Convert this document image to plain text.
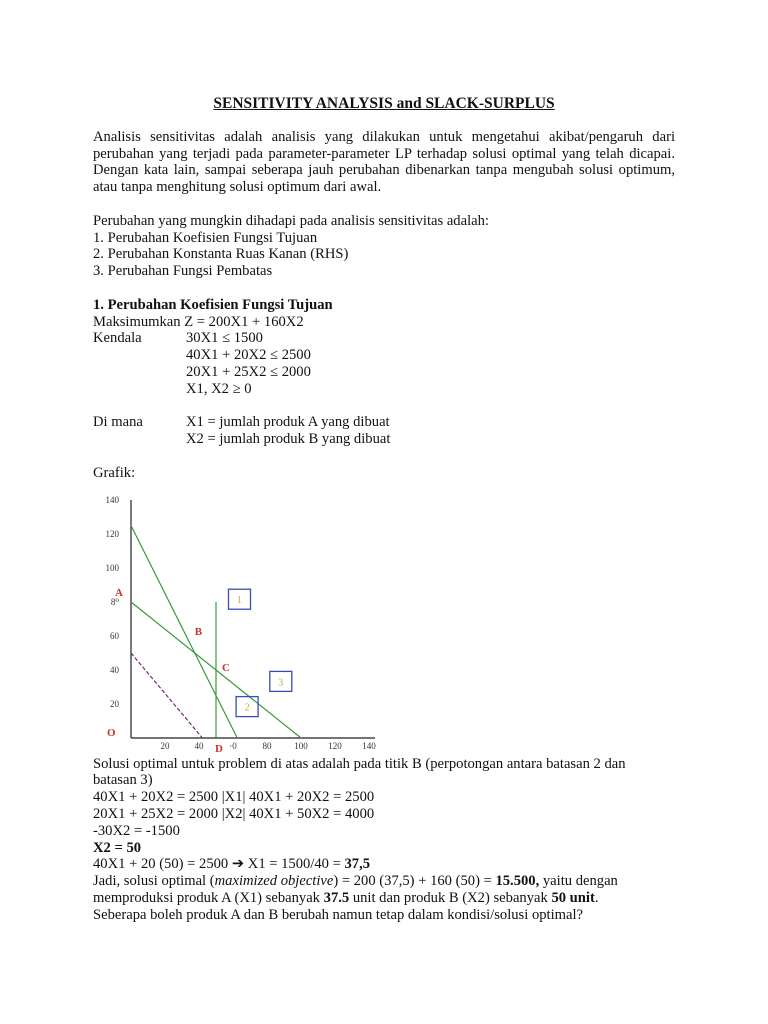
SENSITIVITY ANALYSIS and SLACK-SURPLUS

Analisis sensitivitas adalah analisis yang dilakukan untuk mengetahui akibat/pengaruh dari perubahan yang terjadi pada parameter-parameter LP terhadap solusi optimal yang telah dicapai. Dengan kata lain, sampai seberapa jauh perubahan dibenarkan tanpa mengubah solusi optimum, atau tanpa menghitung solusi optimum dari awal.

Perubahan yang mungkin dihadapi pada analisis sensitivitas adalah:

1. Perubahan Koefisien Fungsi Tujuan

2. Perubahan Konstanta Ruas Kanan (RHS)

3. Perubahan Fungsi Pembatas

1. Perubahan Koefisien Fungsi Tujuan

Maksimumkan Z = 200X1 + 160X2

Kendala	30X1 ≤ 1500

40X1 + 20X2 ≤ 2500

20X1 + 25X2 ≤ 2000

X1, X2 ≥ 0

Di mana	X1 = jumlah produk A yang dibuat

X2 = jumlah produk B yang dibuat

Grafik:

140
120
100
8⁰
60
40
20
20	40	·0	80	100 120 140
O
A
B
C
D
1
2
3

Solusi optimal untuk problem di atas adalah pada titik B (perpotongan antara batasan 2 dan

batasan 3)

40X1 + 20X2 = 2500 |X1| 40X1 + 20X2 = 2500

20X1 + 25X2 = 2000 |X2| 40X1 + 50X2 = 4000

-30X2 = -1500

X2 = 50

40X1 + 20 (50) = 2500 ➔ X1 = 1500/40 = 37,5

Jadi, solusi optimal (maximized objective) = 200 (37,5) + 160 (50) = 15.500, yaitu dengan

memproduksi produk A (X1) sebanyak 37.5 unit dan produk B (X2) sebanyak 50 unit.

Seberapa boleh produk A dan B berubah namun tetap dalam kondisi/solusi optimal?
